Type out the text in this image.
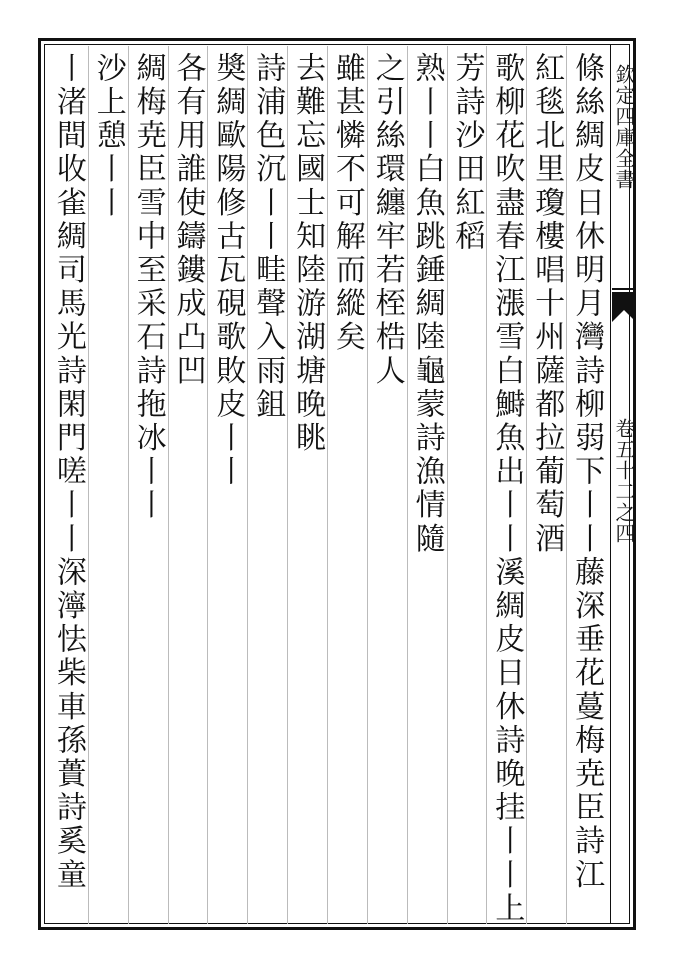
欽定四庫全書
卷五十二之四
條絲綢皮日休明月灣詩柳弱下丨丨藤深垂花蔓梅尭臣詩江
紅毯北里瓊樓唱十州薩都拉葡萄酒
歌柳花吹盡春江漲雪白鰣魚出丨丨溪綢皮日休詩晚挂丨丨上
芳詩沙田紅稻
熟丨丨白魚跳錘綢陸龜蒙詩漁情隨
之引絲環纏牢若桎梏人
雖甚憐不可解而縱矣
去難忘國士知陸游湖塘晚眺
詩浦色沉丨丨畦聲入雨鉏
奬綢歐陽修古瓦硯歌敗皮丨丨
各有用誰使鑄鏤成凸凹
綢梅尭臣雪中至采石詩拖冰丨丨
沙上憩丨丨
丨渚間收雀綢司馬光詩閑門嗟丨丨深濘怯柴車孫蕢詩奚童
